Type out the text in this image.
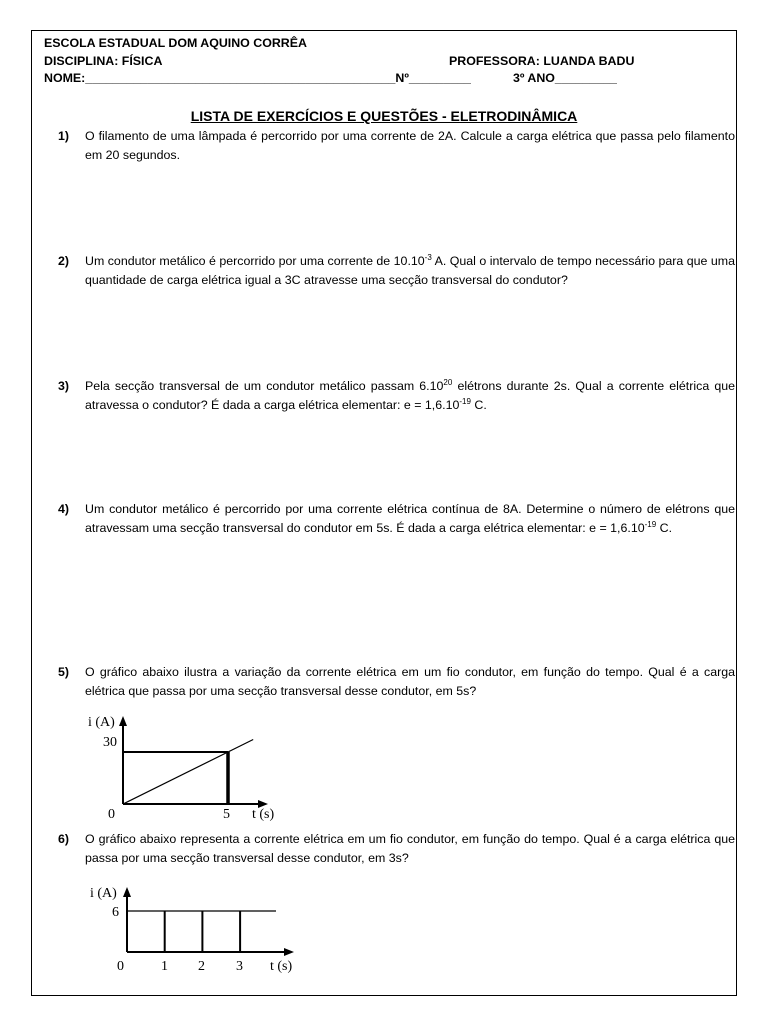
ESCOLA ESTADUAL DOM AQUINO CORRÊA
DISCIPLINA: FÍSICA	PROFESSORA: LUANDA BADU
NOME:_____________________________________________Nº_________	3º ANO_________
LISTA DE EXERCÍCIOS E QUESTÕES - ELETRODINÂMICA
1) O filamento de uma lâmpada é percorrido por uma corrente de 2A. Calcule a carga elétrica que passa pelo filamento em 20 segundos.
2) Um condutor metálico é percorrido por uma corrente de $10.10^{-3}$ A. Qual o intervalo de tempo necessário para que uma quantidade de carga elétrica igual a 3C atravesse uma secção transversal do condutor?
3) Pela secção transversal de um condutor metálico passam 6.10$^{20}$ elétrons durante 2s. Qual a corrente elétrica que atravessa o condutor? É dada a carga elétrica elementar: $e = 1,6.10^{-19}$ C.
4) Um condutor metálico é percorrido por uma corrente elétrica contínua de 8A. Determine o número de elétrons que atravessam uma secção transversal do condutor em 5s. É dada a carga elétrica elementar: $e = 1,6.10^{-19}$ C.
5) O gráfico abaixo ilustra a variação da corrente elétrica em um fio condutor, em função do tempo. Qual é a carga elétrica que passa por uma secção transversal desse condutor, em 5s?
i (A)
30
0	5 t (s)
6) O gráfico abaixo representa a corrente elétrica em um fio condutor, em função do tempo. Qual é a carga elétrica que passa por uma secção transversal desse condutor, em 3s?
i (A)
6
0	1 2 3 t (s)
